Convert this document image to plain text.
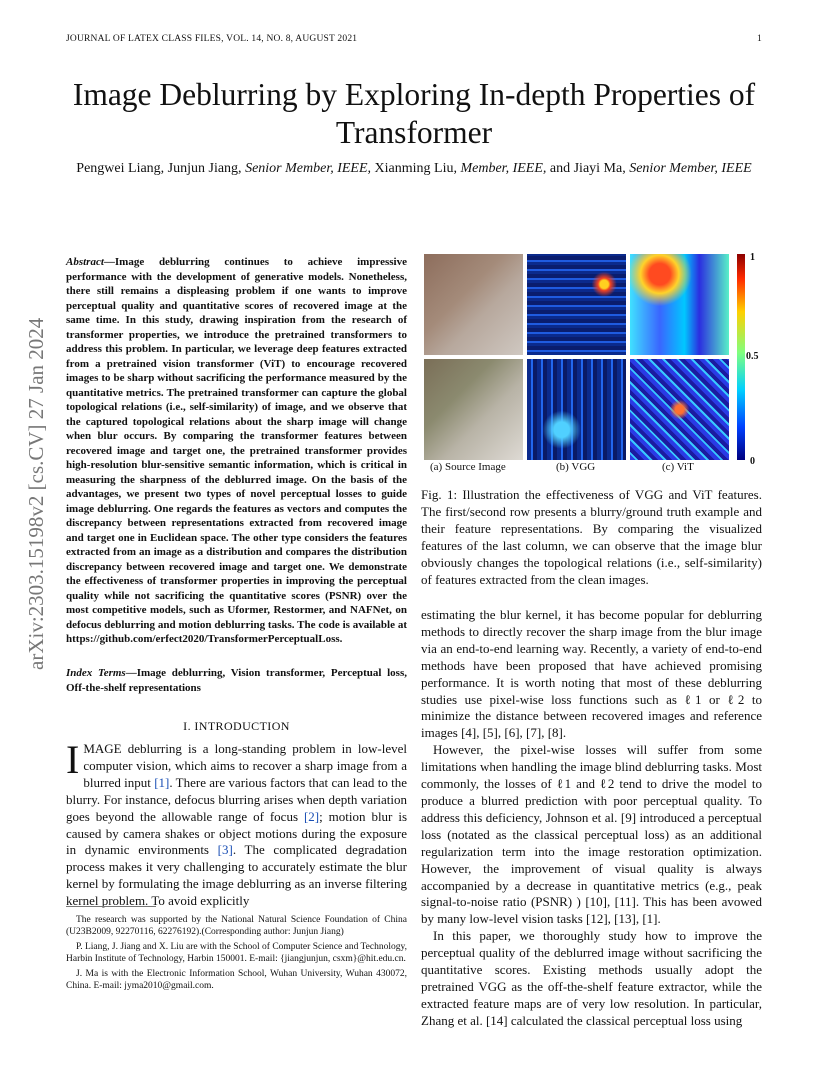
JOURNAL OF LATEX CLASS FILES, VOL. 14, NO. 8, AUGUST 2021	1
Image Deblurring by Exploring In-depth Properties of Transformer
Pengwei Liang, Junjun Jiang, Senior Member, IEEE, Xianming Liu, Member, IEEE, and Jiayi Ma, Senior Member, IEEE
arXiv:2303.15198v2 [cs.CV] 27 Jan 2024
Abstract—Image deblurring continues to achieve impressive performance with the development of generative models. Nonetheless, there still remains a displeasing problem if one wants to improve perceptual quality and quantitative scores of recovered image at the same time. In this study, drawing inspiration from the research of transformer properties, we introduce the pretrained transformers to address this problem. In particular, we leverage deep features extracted from a pretrained vision transformer (ViT) to encourage recovered images to be sharp without sacrificing the performance measured by the quantitative metrics. The pretrained transformer can capture the global topological relations (i.e., self-similarity) of image, and we observe that the captured topological relations about the sharp image will change when blur occurs. By comparing the transformer features between recovered image and target one, the pretrained transformer provides high-resolution blur-sensitive semantic information, which is critical in measuring the sharpness of the deblurred image. On the basis of the advantages, we present two types of novel perceptual losses to guide image deblurring. One regards the features as vectors and computes the discrepancy between representations extracted from recovered image and target one in Euclidean space. The other type considers the features extracted from an image as a distribution and compares the distribution discrepancy between recovered image and target one. We demonstrate the effectiveness of transformer properties in improving the perceptual quality while not sacrificing the quantitative scores (PSNR) over the most competitive models, such as Uformer, Restormer, and NAFNet, on defocus deblurring and motion deblurring tasks. The code is available at https://github.com/erfect2020/TransformerPerceptualLoss.
Index Terms—Image deblurring, Vision transformer, Perceptual loss, Off-the-shelf representations
I. INTRODUCTION
IMAGE deblurring is a long-standing problem in low-level computer vision, which aims to recover a sharp image from a blurred input [1]. There are various factors that can lead to the blurry. For instance, defocus blurring arises when depth variation goes beyond the allowable range of focus [2]; motion blur is caused by camera shakes or object motions during the exposure in dynamic environments [3]. The complicated degradation process makes it very challenging to accurately estimate the blur kernel by formulating the image deblurring as an inverse filtering kernel problem. To avoid explicitly

The research was supported by the National Natural Science Foundation of China (U23B2009, 92270116, 62276192).(Corresponding author: Junjun Jiang)

P. Liang, J. Jiang and X. Liu are with the School of Computer Science and Technology, Harbin Institute of Technology, Harbin 150001. E-mail: {jiangjunjun, csxm}@hit.edu.cn.

J. Ma is with the Electronic Information School, Wuhan University, Wuhan 430072, China. E-mail: jyma2010@gmail.com.

1
0.5
0
(a) Source Image	(b) VGG	(c) ViT
Fig. 1: Illustration the effectiveness of VGG and ViT features. The first/second row presents a blurry/ground truth example and their feature representations. By comparing the visualized features of the last column, we can observe that the image blur obviously changes the topological relations (i.e., self-similarity) of features extracted from the clean images.

estimating the blur kernel, it has become popular for deblurring methods to directly recover the sharp image from the blur image via an end-to-end learning way. Recently, a variety of end-to-end methods have been proposed that have achieved promising performance. It is worth noting that most of these deblurring studies use pixel-wise loss functions such as ℓ1 or ℓ2 to minimize the distance between recovered images and reference images [4], [5], [6], [7], [8].

However, the pixel-wise losses will suffer from some limitations when handling the image blind deblurring tasks. Most commonly, the losses of ℓ1 and ℓ2 tend to drive the model to produce a blurred prediction with poor perceptual quality. To address this deficiency, Johnson et al. [9] introduced a perceptual loss (notated as the classical perceptual loss) as an additional regularization term into the image restoration optimization. However, the improvement of visual quality is always accompanied by a decrease in quantitative metrics (e.g., peak signal-to-noise ratio (PSNR) ) [10], [11]. This has been avowed by many low-level vision tasks [12], [13], [1].

In this paper, we thoroughly study how to improve the perceptual quality of the deblurred image without sacrificing the quantitative scores. Existing methods usually adopt the pretrained VGG as the off-the-shelf feature extractor, while the extracted feature maps are of very low resolution. In particular, Zhang et al. [14] calculated the classical perceptual loss using
